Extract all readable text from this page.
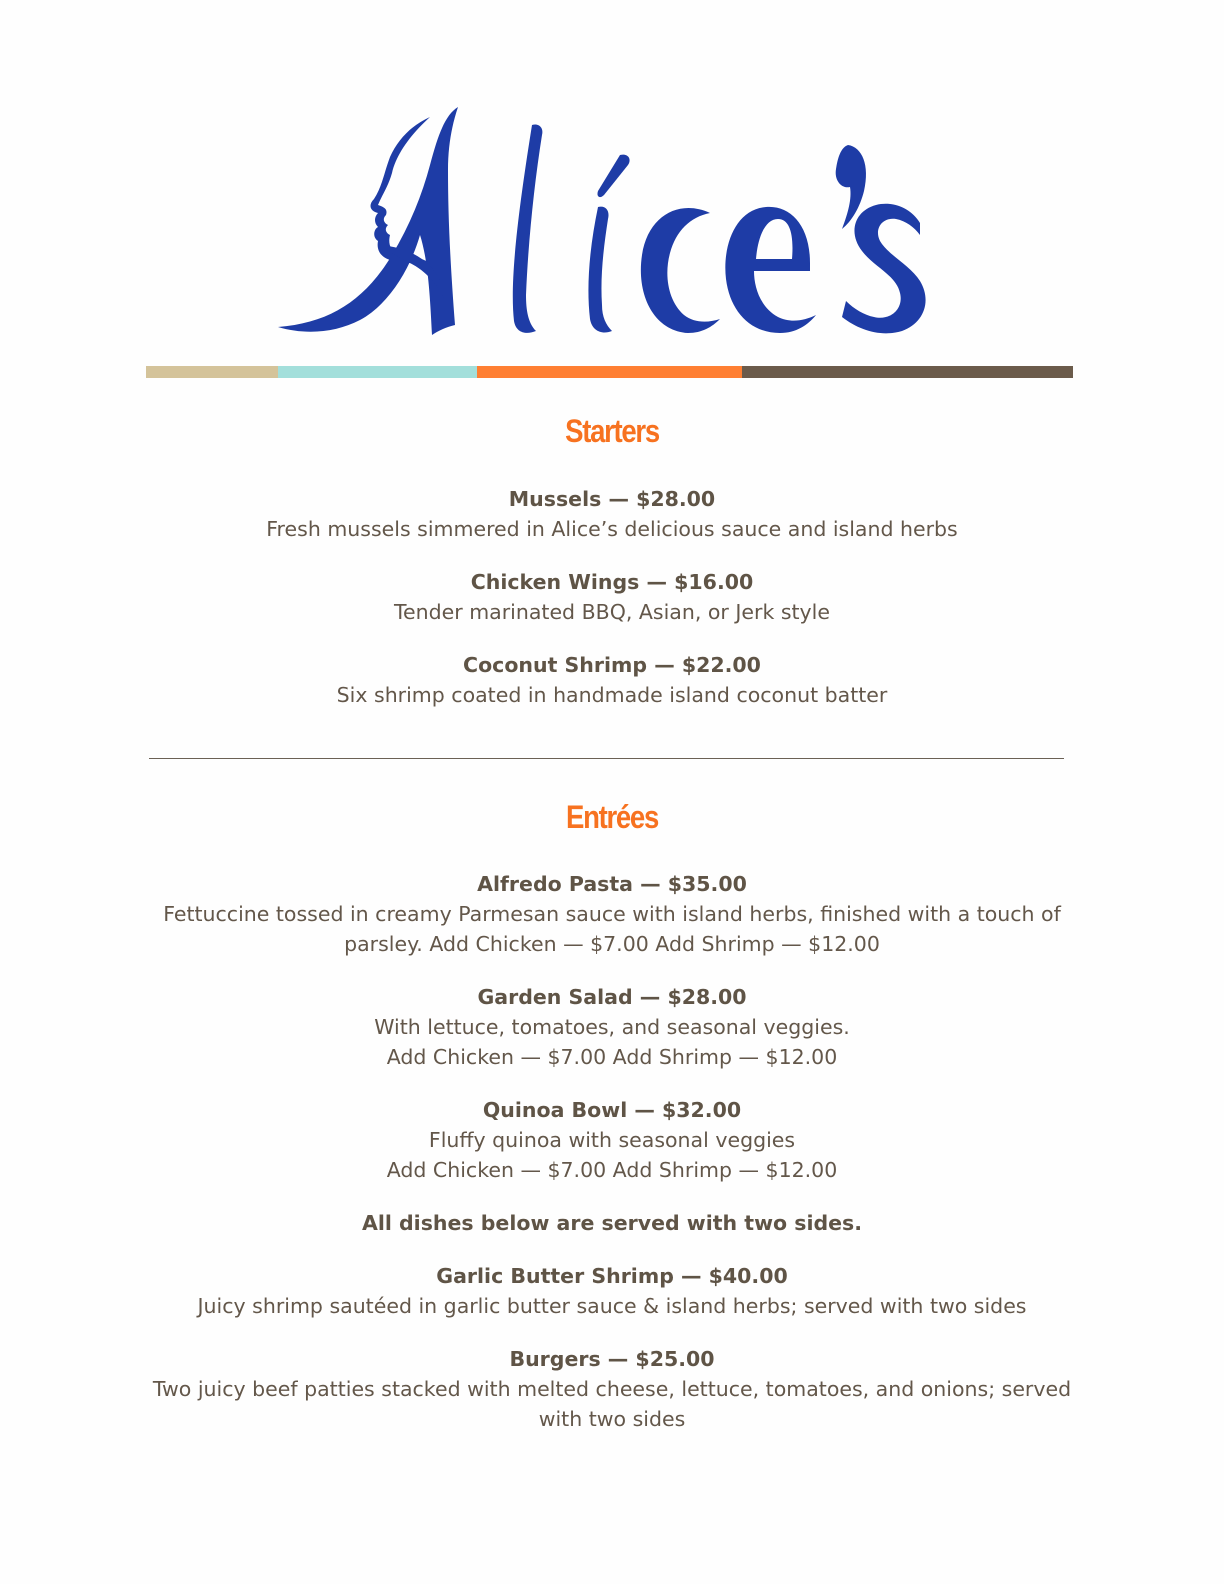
Starters
Mussels — $28.00
Fresh mussels simmered in Alice’s delicious sauce and island herbs
Chicken Wings — $16.00
Tender marinated BBQ, Asian, or Jerk style
Coconut Shrimp — $22.00
Six shrimp coated in handmade island coconut batter
Entrées
Alfredo Pasta — $35.00
Fettuccine tossed in creamy Parmesan sauce with island herbs, finished with a touch of
parsley. Add Chicken — $7.00 Add Shrimp — $12.00
Garden Salad — $28.00
With lettuce, tomatoes, and seasonal veggies.
Add Chicken — $7.00 Add Shrimp — $12.00
Quinoa Bowl — $32.00
Fluffy quinoa with seasonal veggies
Add Chicken — $7.00 Add Shrimp — $12.00
All dishes below are served with two sides.
Garlic Butter Shrimp — $40.00
Juicy shrimp sautéed in garlic butter sauce & island herbs; served with two sides
Burgers — $25.00
Two juicy beef patties stacked with melted cheese, lettuce, tomatoes, and onions; served
with two sides
